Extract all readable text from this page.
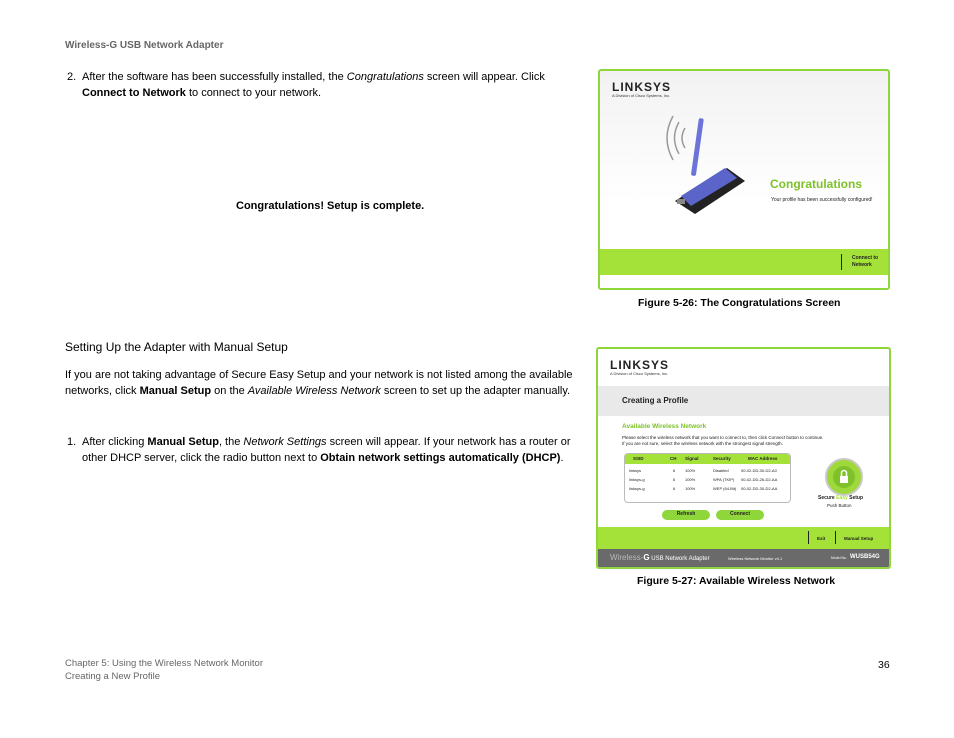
Wireless-G USB Network Adapter
2. After the software has been successfully installed, the Congratulations screen will appear. Click Connect to Network to connect to your network.
Congratulations! Setup is complete.
LINKSYS
A Division of Cisco Systems, Inc.
Congratulations
Your profile has been successfully configured!
Connect to
Network
Figure 5-26: The Congratulations Screen
Setting Up the Adapter with Manual Setup
If you are not taking advantage of Secure Easy Setup and your network is not listed among the available networks, click Manual Setup on the Available Wireless Network screen to set up the adapter manually.
1. After clicking Manual Setup, the Network Settings screen will appear. If your network has a router or other DHCP server, click the radio button next to Obtain network settings automatically (DHCP).
LINKSYS
A Division of Cisco Systems, Inc.
Creating a Profile
Available Wireless Network
Please select the wireless network that you want to connect to, then click Connect button to continue.
If you are not sure, select the wireless network with the strongest signal strength.
SSID	CH Signal	Security	MAC Address
linksys	6 100%	Disabled	00-02-DD-30-D2-A0
linksys-g	6 100%	WPA (TKIP) 00-02-DD-26-D2-AA
linksys-g	6 100%	WEP (64-Bit) 00-02-DD-30-D2-AA
Refresh	Connect
Secure Easy Setup
Push Button
Exit	Manual Setup
Wireless-G USB Network Adapter	Wireless Network Monitor v4.1	Model No. WUSB54G
Figure 5-27: Available Wireless Network
Chapter 5: Using the Wireless Network Monitor
Creating a New Profile
36
